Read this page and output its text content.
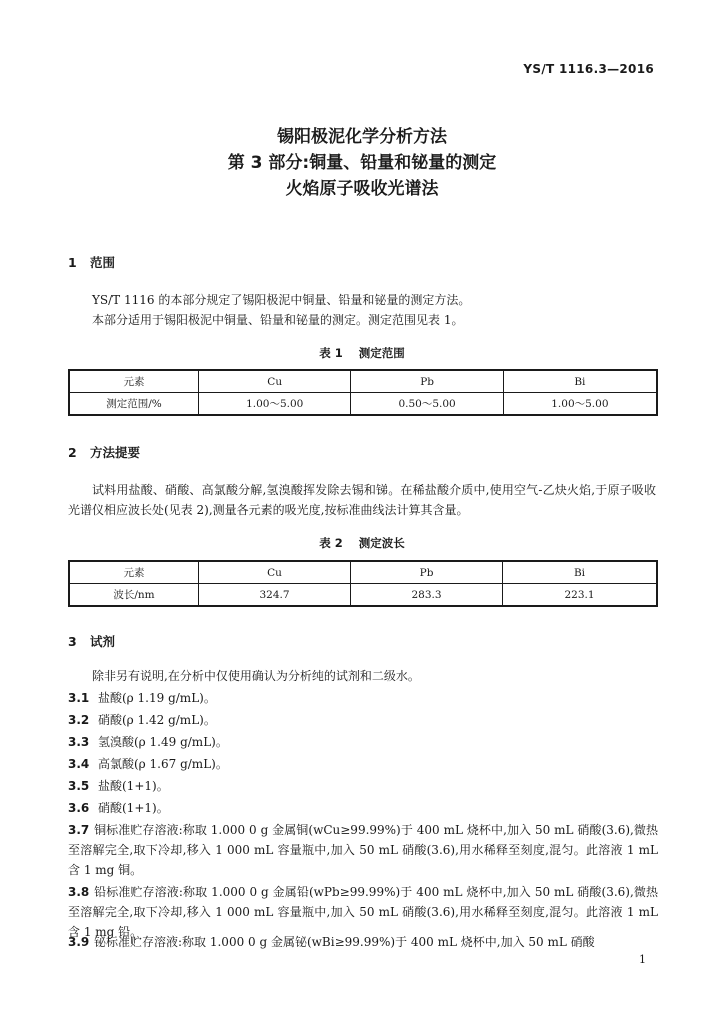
YS/T 1116.3—2016
锡阳极泥化学分析方法
第 3 部分:铜量、铅量和铋量的测定
火焰原子吸收光谱法
1 范围
YS/T 1116 的本部分规定了锡阳极泥中铜量、铅量和铋量的测定方法。
本部分适用于锡阳极泥中铜量、铅量和铋量的测定。测定范围见表 1。
表 1 测定范围
元素	Cu	Pb	Bi
测定范围/%	1.00～5.00	0.50～5.00	1.00～5.00
2 方法提要
试料用盐酸、硝酸、高氯酸分解,氢溴酸挥发除去锡和锑。在稀盐酸介质中,使用空气-乙炔火焰,于原子吸收光谱仪相应波长处(见表 2),测量各元素的吸光度,按标准曲线法计算其含量。
表 2 测定波长
元素	Cu	Pb	Bi
波长/nm	324.7	283.3	223.1
3 试剂
除非另有说明,在分析中仅使用确认为分析纯的试剂和二级水。
3.1 盐酸(ρ 1.19 g/mL)。
3.2 硝酸(ρ 1.42 g/mL)。
3.3 氢溴酸(ρ 1.49 g/mL)。
3.4 高氯酸(ρ 1.67 g/mL)。
3.5 盐酸(1+1)。
3.6 硝酸(1+1)。
3.7 铜标准贮存溶液:称取 1.000 0 g 金属铜(wCu≥99.99%)于 400 mL 烧杯中,加入 50 mL 硝酸(3.6),微热至溶解完全,取下冷却,移入 1 000 mL 容量瓶中,加入 50 mL 硝酸(3.6),用水稀释至刻度,混匀。此溶液 1 mL 含 1 mg 铜。
3.8 铅标准贮存溶液:称取 1.000 0 g 金属铅(wPb≥99.99%)于 400 mL 烧杯中,加入 50 mL 硝酸(3.6),微热至溶解完全,取下冷却,移入 1 000 mL 容量瓶中,加入 50 mL 硝酸(3.6),用水稀释至刻度,混匀。此溶液 1 mL 含 1 mg 铅。
3.9 铋标准贮存溶液:称取 1.000 0 g 金属铋(wBi≥99.99%)于 400 mL 烧杯中,加入 50 mL 硝酸
1
